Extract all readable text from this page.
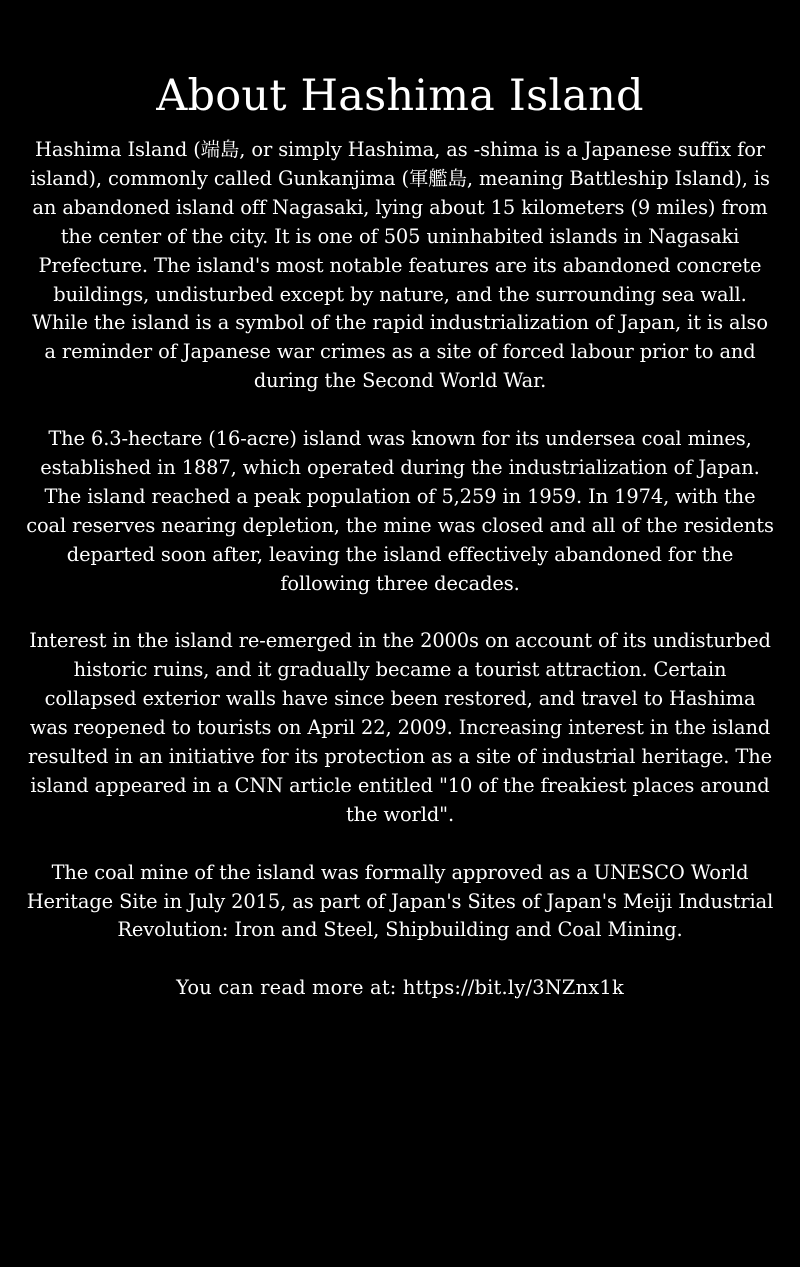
About Hashima Island

Hashima Island (端島, or simply Hashima, as -shima is a Japanese suffix for island), commonly called Gunkanjima (軍艦島, meaning Battleship Island), is an abandoned island off Nagasaki, lying about 15 kilometers (9 miles) from the center of the city. It is one of 505 uninhabited islands in Nagasaki Prefecture. The island's most notable features are its abandoned concrete buildings, undisturbed except by nature, and the surrounding sea wall. While the island is a symbol of the rapid industrialization of Japan, it is also a reminder of Japanese war crimes as a site of forced labour prior to and during the Second World War.

The 6.3-hectare (16-acre) island was known for its undersea coal mines, established in 1887, which operated during the industrialization of Japan. The island reached a peak population of 5,259 in 1959. In 1974, with the coal reserves nearing depletion, the mine was closed and all of the residents departed soon after, leaving the island effectively abandoned for the following three decades.

Interest in the island re-emerged in the 2000s on account of its undisturbed historic ruins, and it gradually became a tourist attraction. Certain collapsed exterior walls have since been restored, and travel to Hashima was reopened to tourists on April 22, 2009. Increasing interest in the island resulted in an initiative for its protection as a site of industrial heritage. The island appeared in a CNN article entitled "10 of the freakiest places around the world".

The coal mine of the island was formally approved as a UNESCO World Heritage Site in July 2015, as part of Japan's Sites of Japan's Meiji Industrial Revolution: Iron and Steel, Shipbuilding and Coal Mining.

You can read more at: https://bit.ly/3NZnx1k
